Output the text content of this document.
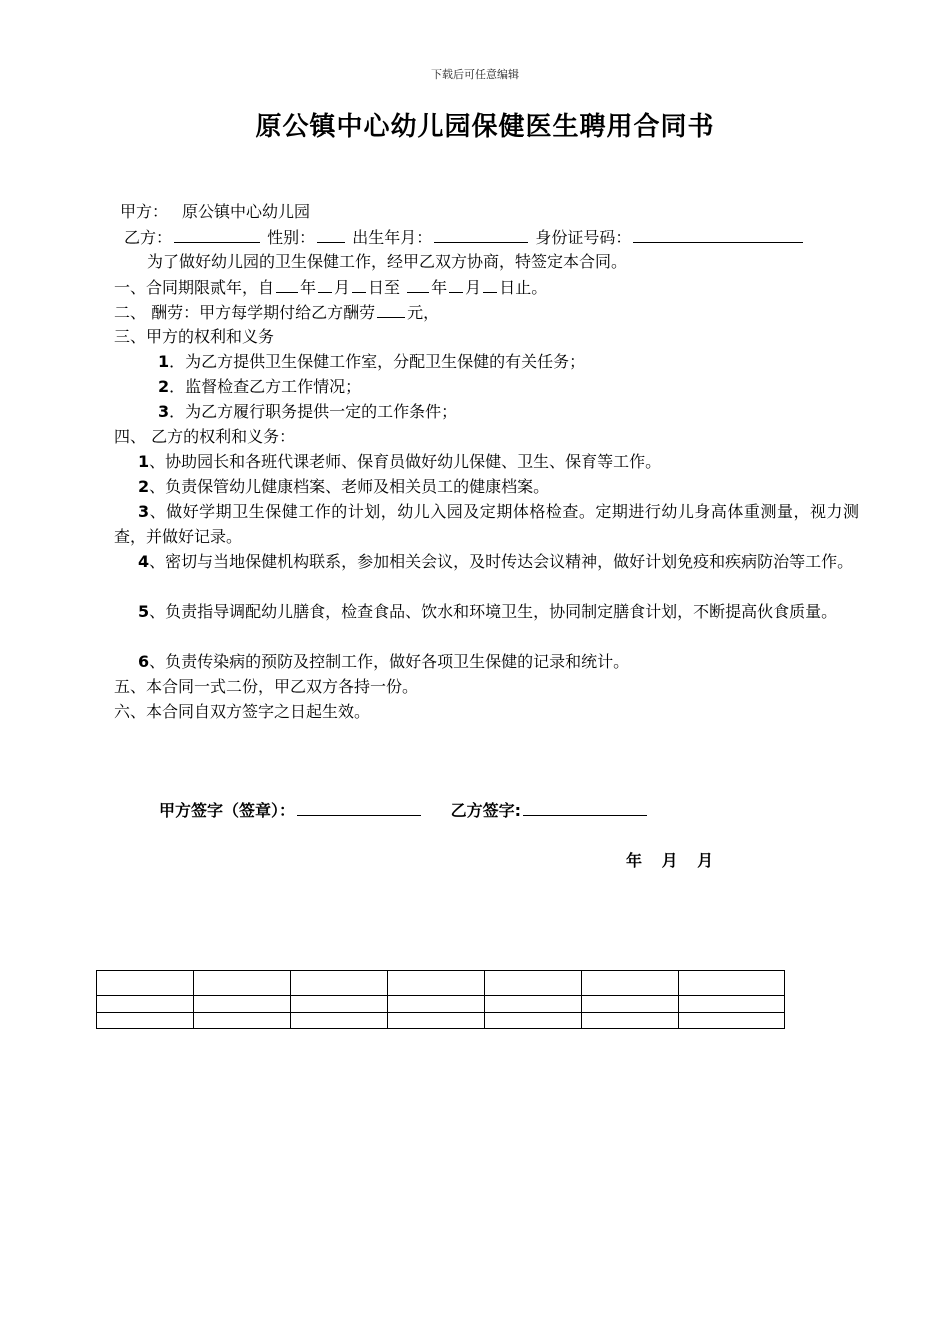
下载后可任意编辑
原公镇中心幼儿园保健医生聘用合同书
甲方： 原公镇中心幼儿园
乙方：	性别： 出生年月：	身份证号码：
为了做好幼儿园的卫生保健工作，经甲乙双方协商，特签定本合同。
一、合同期限贰年，自 年 月 日至 年 月 日止。
二、 酬劳：甲方每学期付给乙方酬劳 元，
三、甲方的权利和义务
1．为乙方提供卫生保健工作室，分配卫生保健的有关任务；
2．监督检查乙方工作情况；
3．为乙方履行职务提供一定的工作条件；
四、 乙方的权利和义务：
1、协助园长和各班代课老师、保育员做好幼儿保健、卫生、保育等工作。
2、负责保管幼儿健康档案、老师及相关员工的健康档案。
3、做好学期卫生保健工作的计划，幼儿入园及定期体格检查。定期进行幼儿身高体重测量，视力测查，并做好记录。
4、密切与当地保健机构联系，参加相关会议，及时传达会议精神，做好计划免疫和疾病防治等工作。
5、负责指导调配幼儿膳食，检查食品、饮水和环境卫生，协同制定膳食计划，不断提高伙食质量。
6、负责传染病的预防及控制工作，做好各项卫生保健的记录和统计。
五、本合同一式二份，甲乙双方各持一份。
六、本合同自双方签字之日起生效。
甲方签字（签章）：	乙方签字:
年 月 月
